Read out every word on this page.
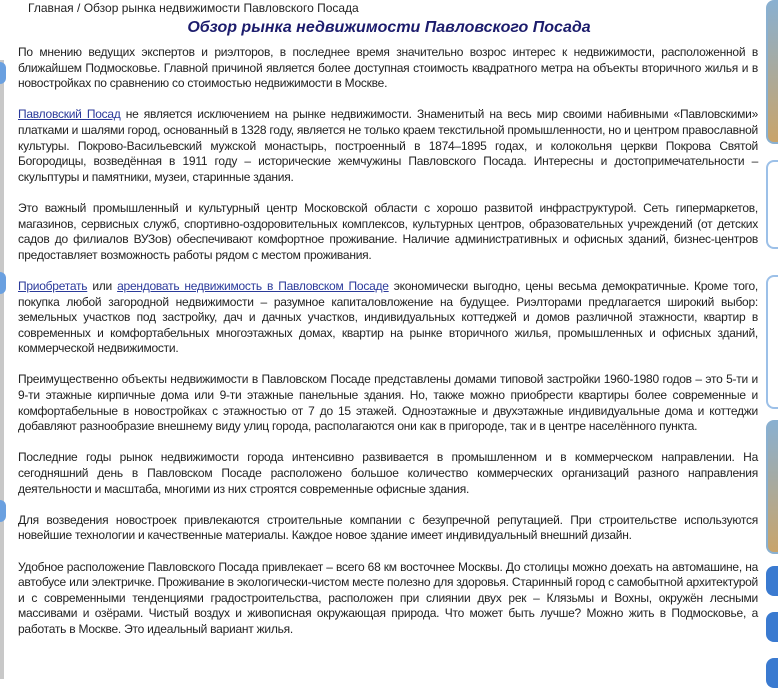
Главная / Обзор рынка недвижимости Павловского Посада
Обзор рынка недвижимости Павловского Посада

По мнению ведущих экспертов и риэлторов, в последнее время значительно возрос интерес к недвижимости, расположенной в ближайшем Подмосковье. Главной причиной является более доступная стоимость квадратного метра на объекты вторичного жилья и в новостройках по сравнению со стоимостью недвижимости в Москве.

Павловский Посад не является исключением на рынке недвижимости. Знаменитый на весь мир своими набивными «Павловскими» платками и шалями город, основанный в 1328 году, является не только краем текстильной промышленности, но и центром православной культуры. Покрово-Васильевский мужской монастырь, построенный в 1874–1895 годах, и колокольня церкви Покрова Святой Богородицы, возведённая в 1911 году – исторические жемчужины Павловского Посада. Интересны и достопримечательности – скульптуры и памятники, музеи, старинные здания.

Это важный промышленный и культурный центр Московской области с хорошо развитой инфраструктурой. Сеть гипермаркетов, магазинов, сервисных служб, спортивно-оздоровительных комплексов, культурных центров, образовательных учреждений (от детских садов до филиалов ВУЗов) обеспечивают комфортное проживание. Наличие административных и офисных зданий, бизнес-центров предоставляет возможность работы рядом с местом проживания.

Приобретать или арендовать недвижимость в Павловском Посаде экономически выгодно, цены весьма демократичные. Кроме того, покупка любой загородной недвижимости – разумное капиталовложение на будущее. Риэлторами предлагается широкий выбор: земельных участков под застройку, дач и дачных участков, индивидуальных коттеджей и домов различной этажности, квартир в современных и комфортабельных многоэтажных домах, квартир на рынке вторичного жилья, промышленных и офисных зданий, коммерческой недвижимости.

Преимущественно объекты недвижимости в Павловском Посаде представлены домами типовой застройки 1960-1980 годов – это 5-ти и 9-ти этажные кирпичные дома или 9-ти этажные панельные здания. Но, также можно приобрести квартиры более современные и комфортабельные в новостройках с этажностью от 7 до 15 этажей. Одноэтажные и двухэтажные индивидуальные дома и коттеджи добавляют разнообразие внешнему виду улиц города, располагаются они как в пригороде, так и в центре населённого пункта.

Последние годы рынок недвижимости города интенсивно развивается в промышленном и в коммерческом направлении. На сегодняшний день в Павловском Посаде расположено большое количество коммерческих организаций разного направления деятельности и масштаба, многими из них строятся современные офисные здания.

Для возведения новостроек привлекаются строительные компании с безупречной репутацией. При строительстве используются новейшие технологии и качественные материалы. Каждое новое здание имеет индивидуальный внешний дизайн.

Удобное расположение Павловского Посада привлекает – всего 68 км восточнее Москвы. До столицы можно доехать на автомашине, на автобусе или электричке. Проживание в экологически-чистом месте полезно для здоровья. Старинный город с самобытной архитектурой и с современными тенденциями градостроительства, расположен при слиянии двух рек – Клязьмы и Вохны, окружён лесными массивами и озёрами. Чистый воздух и живописная окружающая природа. Что может быть лучше? Можно жить в Подмосковье, а работать в Москве. Это идеальный вариант жилья.
